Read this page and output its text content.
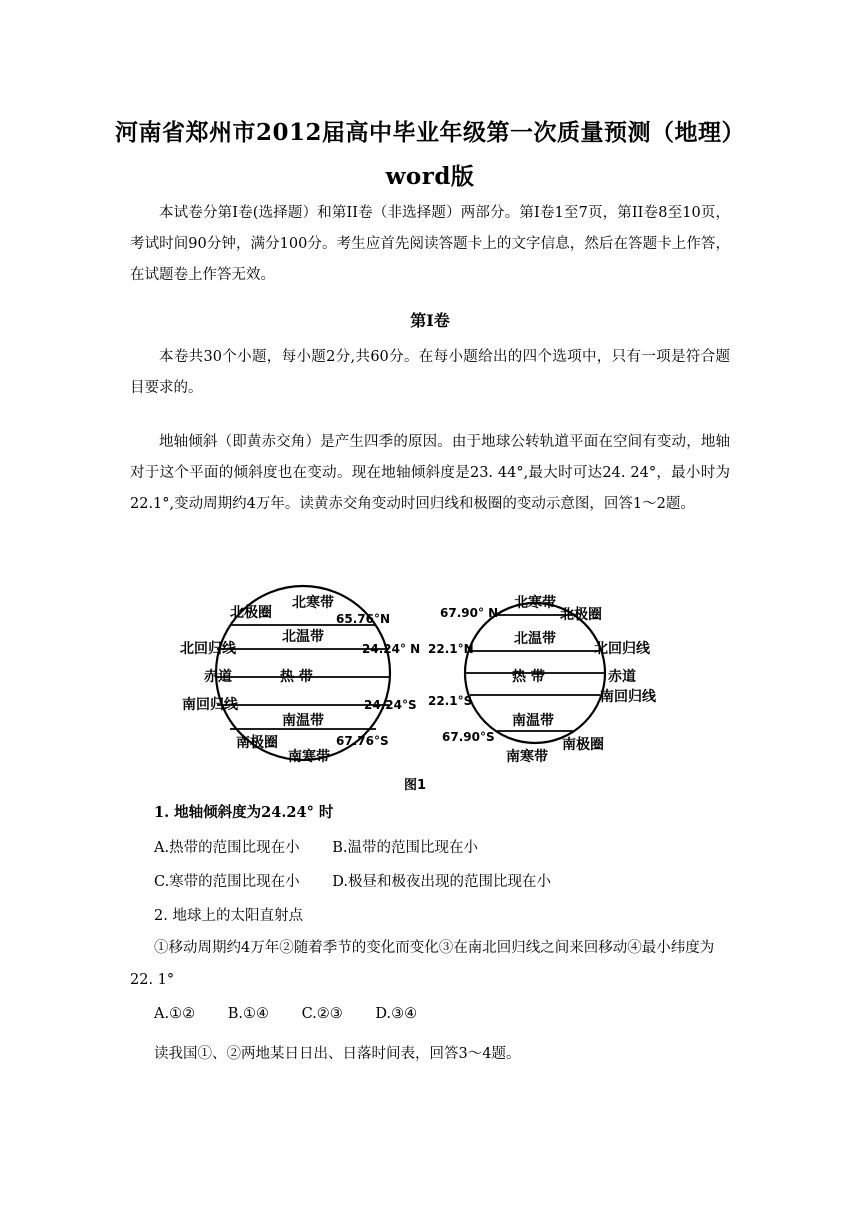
河南省郑州市2012届高中毕业年级第一次质量预测（地理）
word版
本试卷分第I卷(选择题）和第II卷（非选择题）两部分。第I卷1至7页，第II卷8至10页，考试时间90分钟，满分100分。考生应首先阅读答题卡上的文字信息，然后在答题卡上作答，在试题卷上作答无效。
第I卷
本卷共30个小题，每小题2分,共60分。在每小题给出的四个选项中，只有一项是符合题目要求的。
地轴倾斜（即黄赤交角）是产生四季的原因。由于地球公转轨道平面在空间有变动，地轴对于这个平面的倾斜度也在变动。现在地轴倾斜度是23. 44°,最大时可达24. 24°，最小时为22.1°,变动周期约4万年。读黄赤交角变动时回归线和极圈的变动示意图，回答1～2题。
北极圈
北寒带
65.76°N
北温带
北回归线	24.24° N
赤道	热 带
南回归线	24.24°S
南温带
南极圈	67.76°S
南寒带
67.90° N
北寒带
北极圈
22.1°N
北温带
北回归线
热 带	赤道
22.1°S	南回归线
南温带
67.90°S	南极圈
南寒带
图1
1. 地轴倾斜度为24.24° 时
A.热带的范围比现在小 B.温带的范围比现在小
C.寒带的范围比现在小 D.极昼和极夜出现的范围比现在小
2. 地球上的太阳直射点
①移动周期约4万年②随着季节的变化而变化③在南北回归线之间来回移动④最小纬度为22. 1°
A.①② B.①④ C.②③ D.③④
读我国①、②两地某日日出、日落时间表，回答3～4题。
